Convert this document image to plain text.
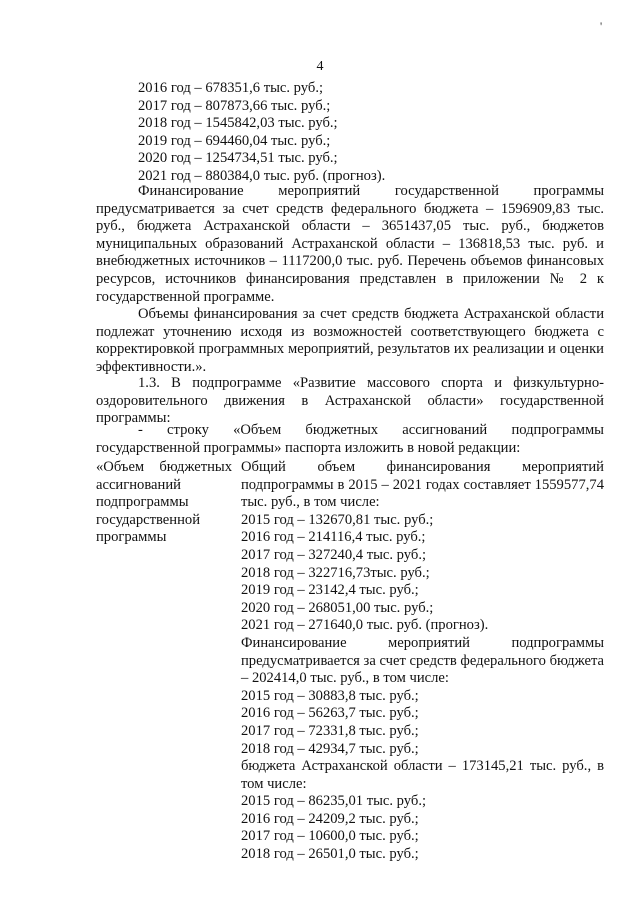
'
4
2016 год – 678351,6 тыс. руб.;
2017 год – 807873,66 тыс. руб.;
2018 год – 1545842,03 тыс. руб.;
2019 год – 694460,04 тыс. руб.;
2020 год – 1254734,51 тыс. руб.;
2021 год – 880384,0 тыс. руб. (прогноз).
Финансирование мероприятий государственной программы предусматривается за счет средств федерального бюджета – 1596909,83 тыс. руб., бюджета Астраханской области – 3651437,05 тыс. руб., бюджетов муниципальных образований Астраханской области – 136818,53 тыс. руб. и внебюджетных источников – 1117200,0 тыс. руб. Перечень объемов финансовых ресурсов, источников финансирования представлен в приложении № 2 к государственной программе.
Объемы финансирования за счет средств бюджета Астраханской области подлежат уточнению исходя из возможностей соответствующего бюджета с корректировкой программных мероприятий, результатов их реализации и оценки эффективности.».
1.3. В подпрограмме «Развитие массового спорта и физкультурно-оздоровительного движения в Астраханской области» государственной программы:
- строку «Объем бюджетных ассигнований подпрограммы государственной программы» паспорта изложить в новой редакции:
«Объем бюджетных ассигнований подпрограммы государственной программы
Общий объем финансирования мероприятий подпрограммы в 2015 – 2021 годах составляет 1559577,74 тыс. руб., в том числе:
2015 год – 132670,81 тыс. руб.;
2016 год – 214116,4 тыс. руб.;
2017 год – 327240,4 тыс. руб.;
2018 год – 322716,73тыс. руб.;
2019 год – 23142,4 тыс. руб.;
2020 год – 268051,00 тыс. руб.;
2021 год – 271640,0 тыс. руб. (прогноз).
Финансирование мероприятий подпрограммы предусматривается за счет средств федерального бюджета – 202414,0 тыс. руб., в том числе:
2015 год – 30883,8 тыс. руб.;
2016 год – 56263,7 тыс. руб.;
2017 год – 72331,8 тыс. руб.;
2018 год – 42934,7 тыс. руб.;
бюджета Астраханской области – 173145,21 тыс. руб., в том числе:
2015 год – 86235,01 тыс. руб.;
2016 год – 24209,2 тыс. руб.;
2017 год – 10600,0 тыс. руб.;
2018 год – 26501,0 тыс. руб.;
